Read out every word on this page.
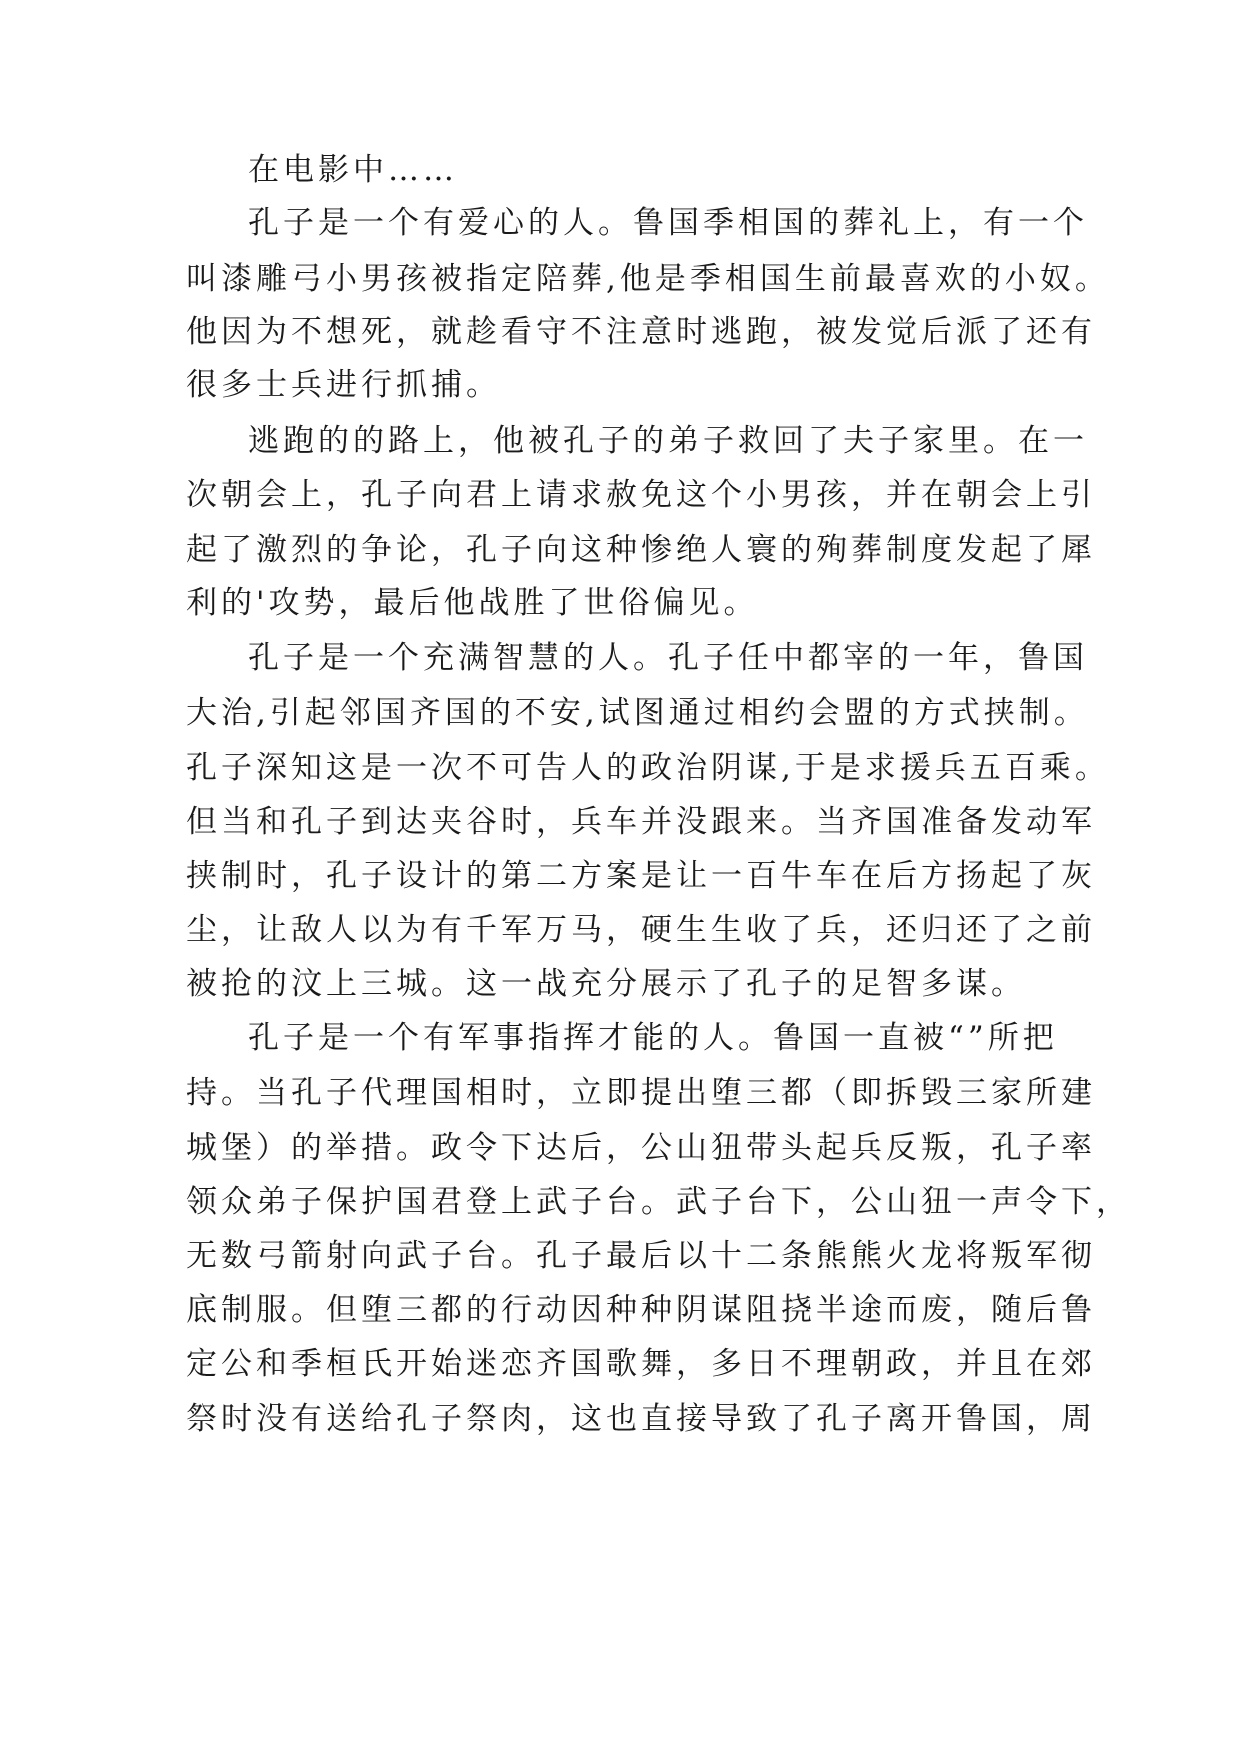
在电影中……
孔子是一个有爱心的人。鲁国季相国的葬礼上，有一个
叫漆雕弓小男孩被指定陪葬,他是季相国生前最喜欢的小奴。
他因为不想死，就趁看守不注意时逃跑，被发觉后派了还有
很多士兵进行抓捕。
逃跑的的路上，他被孔子的弟子救回了夫子家里。在一
次朝会上，孔子向君上请求赦免这个小男孩，并在朝会上引
起了激烈的争论，孔子向这种惨绝人寰的殉葬制度发起了犀
利的'攻势，最后他战胜了世俗偏见。
孔子是一个充满智慧的人。孔子任中都宰的一年，鲁国
大治,引起邻国齐国的不安,试图通过相约会盟的方式挟制。
孔子深知这是一次不可告人的政治阴谋,于是求援兵五百乘。
但当和孔子到达夹谷时，兵车并没跟来。当齐国准备发动军
挟制时，孔子设计的第二方案是让一百牛车在后方扬起了灰
尘，让敌人以为有千军万马，硬生生收了兵，还归还了之前
被抢的汶上三城。这一战充分展示了孔子的足智多谋。
孔子是一个有军事指挥才能的人。鲁国一直被“”所把
持。当孔子代理国相时，立即提出堕三都（即拆毁三家所建
城堡）的举措。政令下达后，公山狃带头起兵反叛，孔子率
领众弟子保护国君登上武子台。武子台下，公山狃一声令下，
无数弓箭射向武子台。孔子最后以十二条熊熊火龙将叛军彻
底制服。但堕三都的行动因种种阴谋阻挠半途而废，随后鲁
定公和季桓氏开始迷恋齐国歌舞，多日不理朝政，并且在郊
祭时没有送给孔子祭肉，这也直接导致了孔子离开鲁国，周
